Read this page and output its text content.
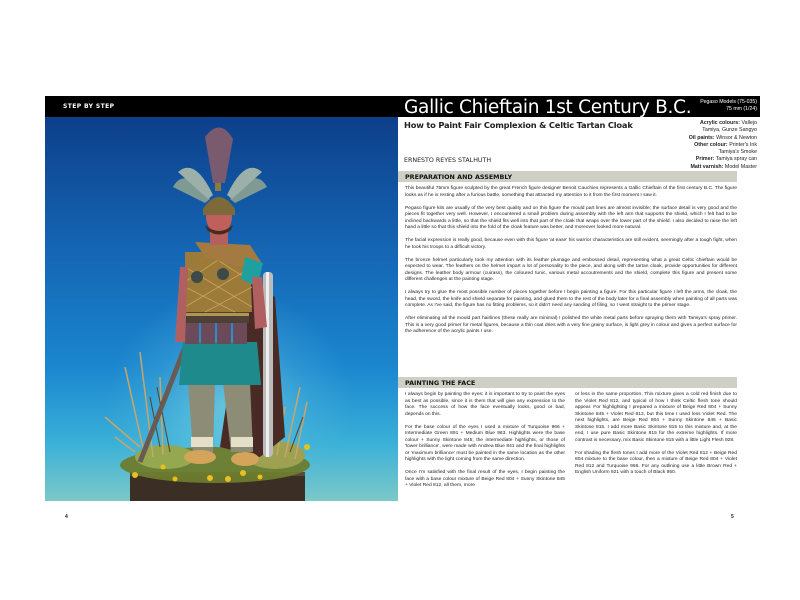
STEP BY STEP	Gallic Chieftain 1st Century B.C. Pegaso Models (75-035)
75 mm (1/24)
How to Paint Fair Complexion & Celtic Tartan Cloak
ERNESTO REYES STALHUTH
Acrylic colours: Vallejo
Tamiya, Gunze Sangyo
Oil paints: Winsor & Newton
Other colour: Printer's Ink
Tamiya's Smoke
Primer: Tamiya spray can
Matt varnish: Model Master
PREPARATION AND ASSEMBLY

This beautiful 75mm figure sculpted by the great French figure designer Benoit Cauchies represents a Gallic Chieftain of the first century B.C. The figure looks as if he is resting after a furious battle, something that attracted my attention to it from the first moment I saw it.

Pegaso figure kits are usually of the very best quality and on this figure the mould part lines are almost invisible; the surface detail is very good and the pieces fit together very well. However, I encountered a small problem during assembly with the left arm that supports the shield, which I felt had to be inclined backwards a little, so that the shield fits well into that part of the cloak that wraps over the lower part of the shield. I also decided to raise the left hand a little so that this shield into the fold of the cloak feature was better, and moreover looked more natural.

The facial expression is really good, because even with this figure 'at ease' his warrior characteristics are still evident, seemingly after a tough fight, when he took his troops to a difficult victory.

The bronze helmet particularly took my attention with its feather plumage and embossed detail, representing what a great Celtic chieftain would be expected to wear. The feathers on the helmet impart a lot of personality to the piece, and along with the tartan cloak, provide opportunities for different designs. The leather body armour (cuirass), the coloured tunic, various metal accoutrements and the shield, complete this figure and present some different challenges at the painting stage.

I always try to glue the most possible number of pieces together before I begin painting a figure. For this particular figure I left the arms, the cloak, the head, the sword, the knife and shield separate for painting, and glued them to the rest of the body later for a final assembly when painting of all parts was complete. As I've said, the figure has no fitting problems, so it didn't need any sanding of filing, so I went straight to the primer stage.

After eliminating all the mould part hairlines (these really are minimal) I polished the white metal parts before spraying them with Tamiya's spray primer. This is a very good primer for metal figures, because a thin coat dries with a very fine grainy surface, is light grey in colour and gives a perfect surface for the adherence of the acrylic paints I use.

PAINTING THE FACE

I always begin by painting the eyes; it is important to try to paint the eyes as best as possible, since it is them that will give any expression to the face. The success of how the face eventually looks, good or bad, depends on this.

For the base colour of the eyes I used a mixture of Turquoise 966 + Intermediate Green 891 + Medium Blue 963. Highlights were the base colour + Sunny Skintone 845; the intermediate highlights, or those of 'lower brilliance', were made with Andrea Blue 841 and the final highlights or 'maximum brilliance' must be painted in the same location as the other highlights with the light coming from the same direction.

Once I'm satisfied with the final result of the eyes, I begin painting the face with a base colour mixture of Beige Red 804 + Sunny Skintone 845 + Violet Red 812, all them, more

or less in the same proportion. This mixture gives a cold red finish due to the Violet Red 812, and typical of how I think Celtic flesh tone should appear. For highlighting I prepared a mixture of Beige Red 804 + Sunny Skintone 845 + Violet Red 812, but this time I used less Violet Red. The next highlights, are Beige Red 804 + Sunny Skintone 845 + Basic Skintone 815. I add more Basic Skintone 815 to this mixture and, at the end, I use pure Basic Skintone 815 for the extreme highlights. If more contrast is necessary, mix Basic Skintone 815 with a little Light Flesh 928.

For shading the flesh tones I add more of the Violet Red 812 + Beige Red 804 mixture to the base colour, then a mixture of Beige Red 804 + Violet Red 812 and Turquoise 966. For any outlining use a little Brown Red + English Uniform 921 with a touch of Black 950.

4	5
